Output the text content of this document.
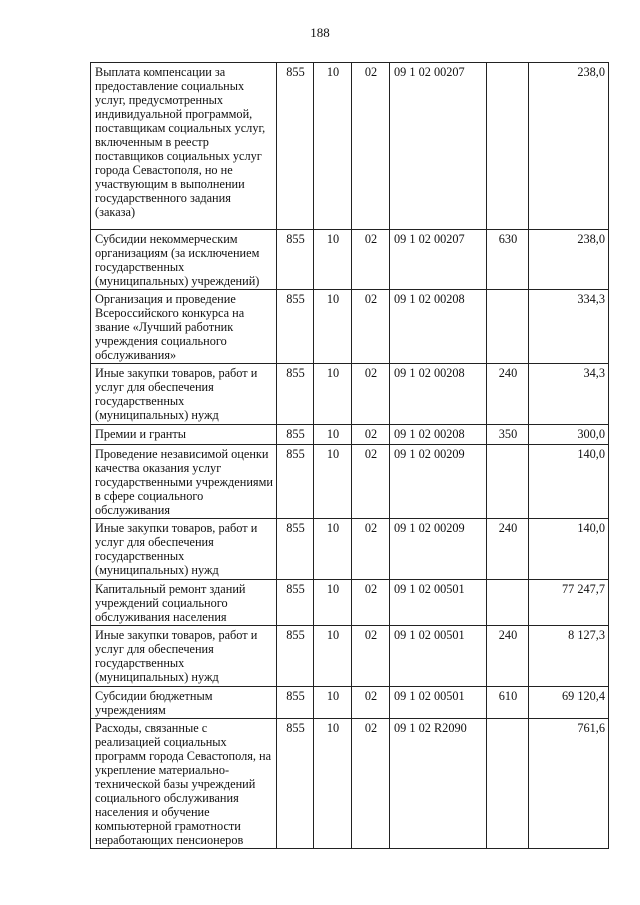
188
Выплата компенсации за предоставление социальных услуг, предусмотренных индивидуальной программой, поставщикам социальных услуг, включенным в реестр поставщиков социальных услуг города Севастополя, но не участвующим в выполнении государственного задания (заказа)	855	10	02	09 1 02 00207		238,0
Субсидии некоммерческим организациям (за исключением государственных (муниципальных) учреждений)	855	10	02	09 1 02 00207	630	238,0
Организация и проведение Всероссийского конкурса на звание «Лучший работник учреждения социального обслуживания»	855	10	02	09 1 02 00208		334,3
Иные закупки товаров, работ и услуг для обеспечения государственных (муниципальных) нужд	855	10	02	09 1 02 00208	240	34,3
Премии и гранты	855	10	02	09 1 02 00208	350	300,0
Проведение независимой оценки качества оказания услуг государственными учреждениями в сфере социального обслуживания	855	10	02	09 1 02 00209		140,0
Иные закупки товаров, работ и услуг для обеспечения государственных (муниципальных) нужд	855	10	02	09 1 02 00209	240	140,0
Капитальный ремонт зданий учреждений социального обслуживания населения	855	10	02	09 1 02 00501		77 247,7
Иные закупки товаров, работ и услуг для обеспечения государственных (муниципальных) нужд	855	10	02	09 1 02 00501	240	8 127,3
Субсидии бюджетным учреждениям	855	10	02	09 1 02 00501	610	69 120,4
Расходы, связанные с реализацией социальных программ города Севастополя, на укрепление материально-технической базы учреждений социального обслуживания населения и обучение компьютерной грамотности неработающих пенсионеров	855	10	02	09 1 02 R2090		761,6
